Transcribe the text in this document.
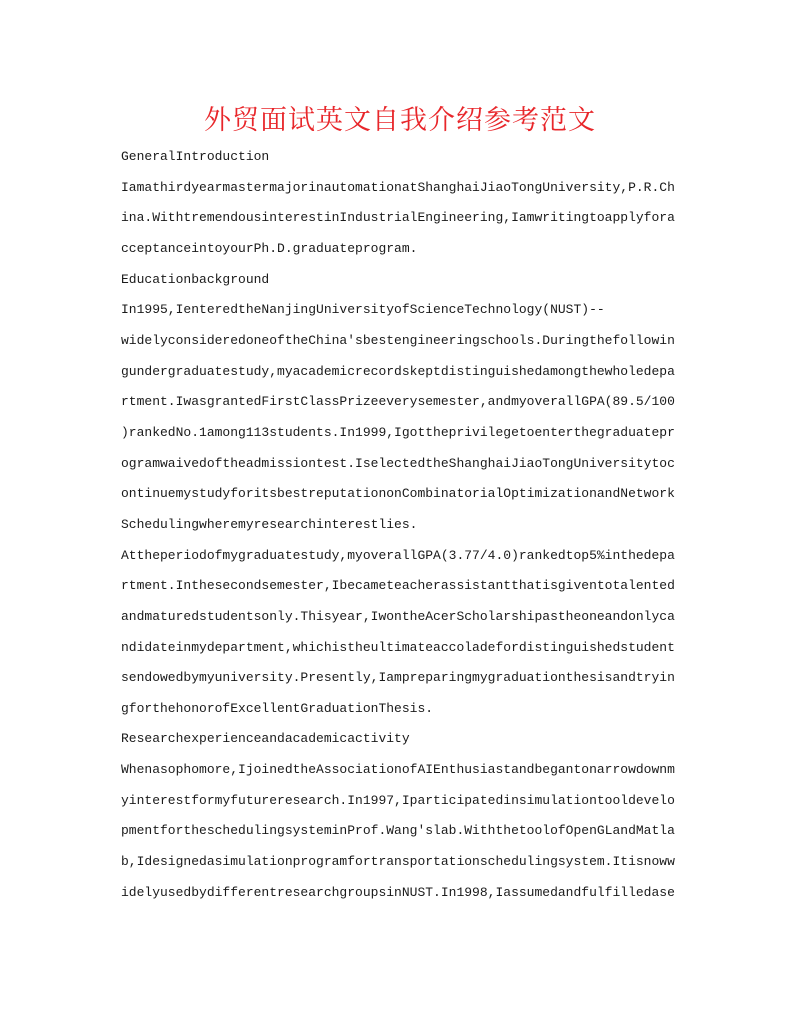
外贸面试英文自我介绍参考范文
GeneralIntroduction
IamathirdyearmastermajorinautomationatShanghaiJiaoTongUniversity,P.R.Ch
ina.WithtremendousinterestinIndustrialEngineering,Iamwritingtoapplyfora
cceptanceintoyourPh.D.graduateprogram.
Educationbackground
In1995,IenteredtheNanjingUniversityofScienceTechnology(NUST)--
widelyconsideredoneoftheChina'sbestengineeringschools.Duringthefollowin
gundergraduatestudy,myacademicrecordskeptdistinguishedamongthewholedepa
rtment.IwasgrantedFirstClassPrizeeverysemester,andmyoverallGPA(89.5/100
)rankedNo.1among113students.In1999,Igottheprivilegetoenterthegraduatepr
ogramwaivedoftheadmissiontest.IselectedtheShanghaiJiaoTongUniversitytoc
ontinuemystudyforitsbestreputationonCombinatorialOptimizationandNetwork
Schedulingwheremyresearchinterestlies.
Attheperiodofmygraduatestudy,myoverallGPA(3.77/4.0)rankedtop5%inthedepa
rtment.Inthesecondsemester,Ibecameteacherassistantthatisgiventotalented
andmaturedstudentsonly.Thisyear,IwontheAcerScholarshipastheoneandonlyca
ndidateinmydepartment,whichistheultimateaccoladefordistinguishedstudent
sendowedbymyuniversity.Presently,Iampreparingmygraduationthesisandtryin
gforthehonorofExcellentGraduationThesis.
Researchexperienceandacademicactivity
Whenasophomore,IjoinedtheAssociationofAIEnthusiastandbegantonarrowdownm
yinterestformyfutureresearch.In1997,Iparticipatedinsimulationtooldevelo
pmentfortheschedulingsysteminProf.Wang'slab.WiththetoolofOpenGLandMatla
b,Idesignedasimulationprogramfortransportationschedulingsystem.Itisnoww
idelyusedbydifferentresearchgroupsinNUST.In1998,Iassumedandfulfilledase
